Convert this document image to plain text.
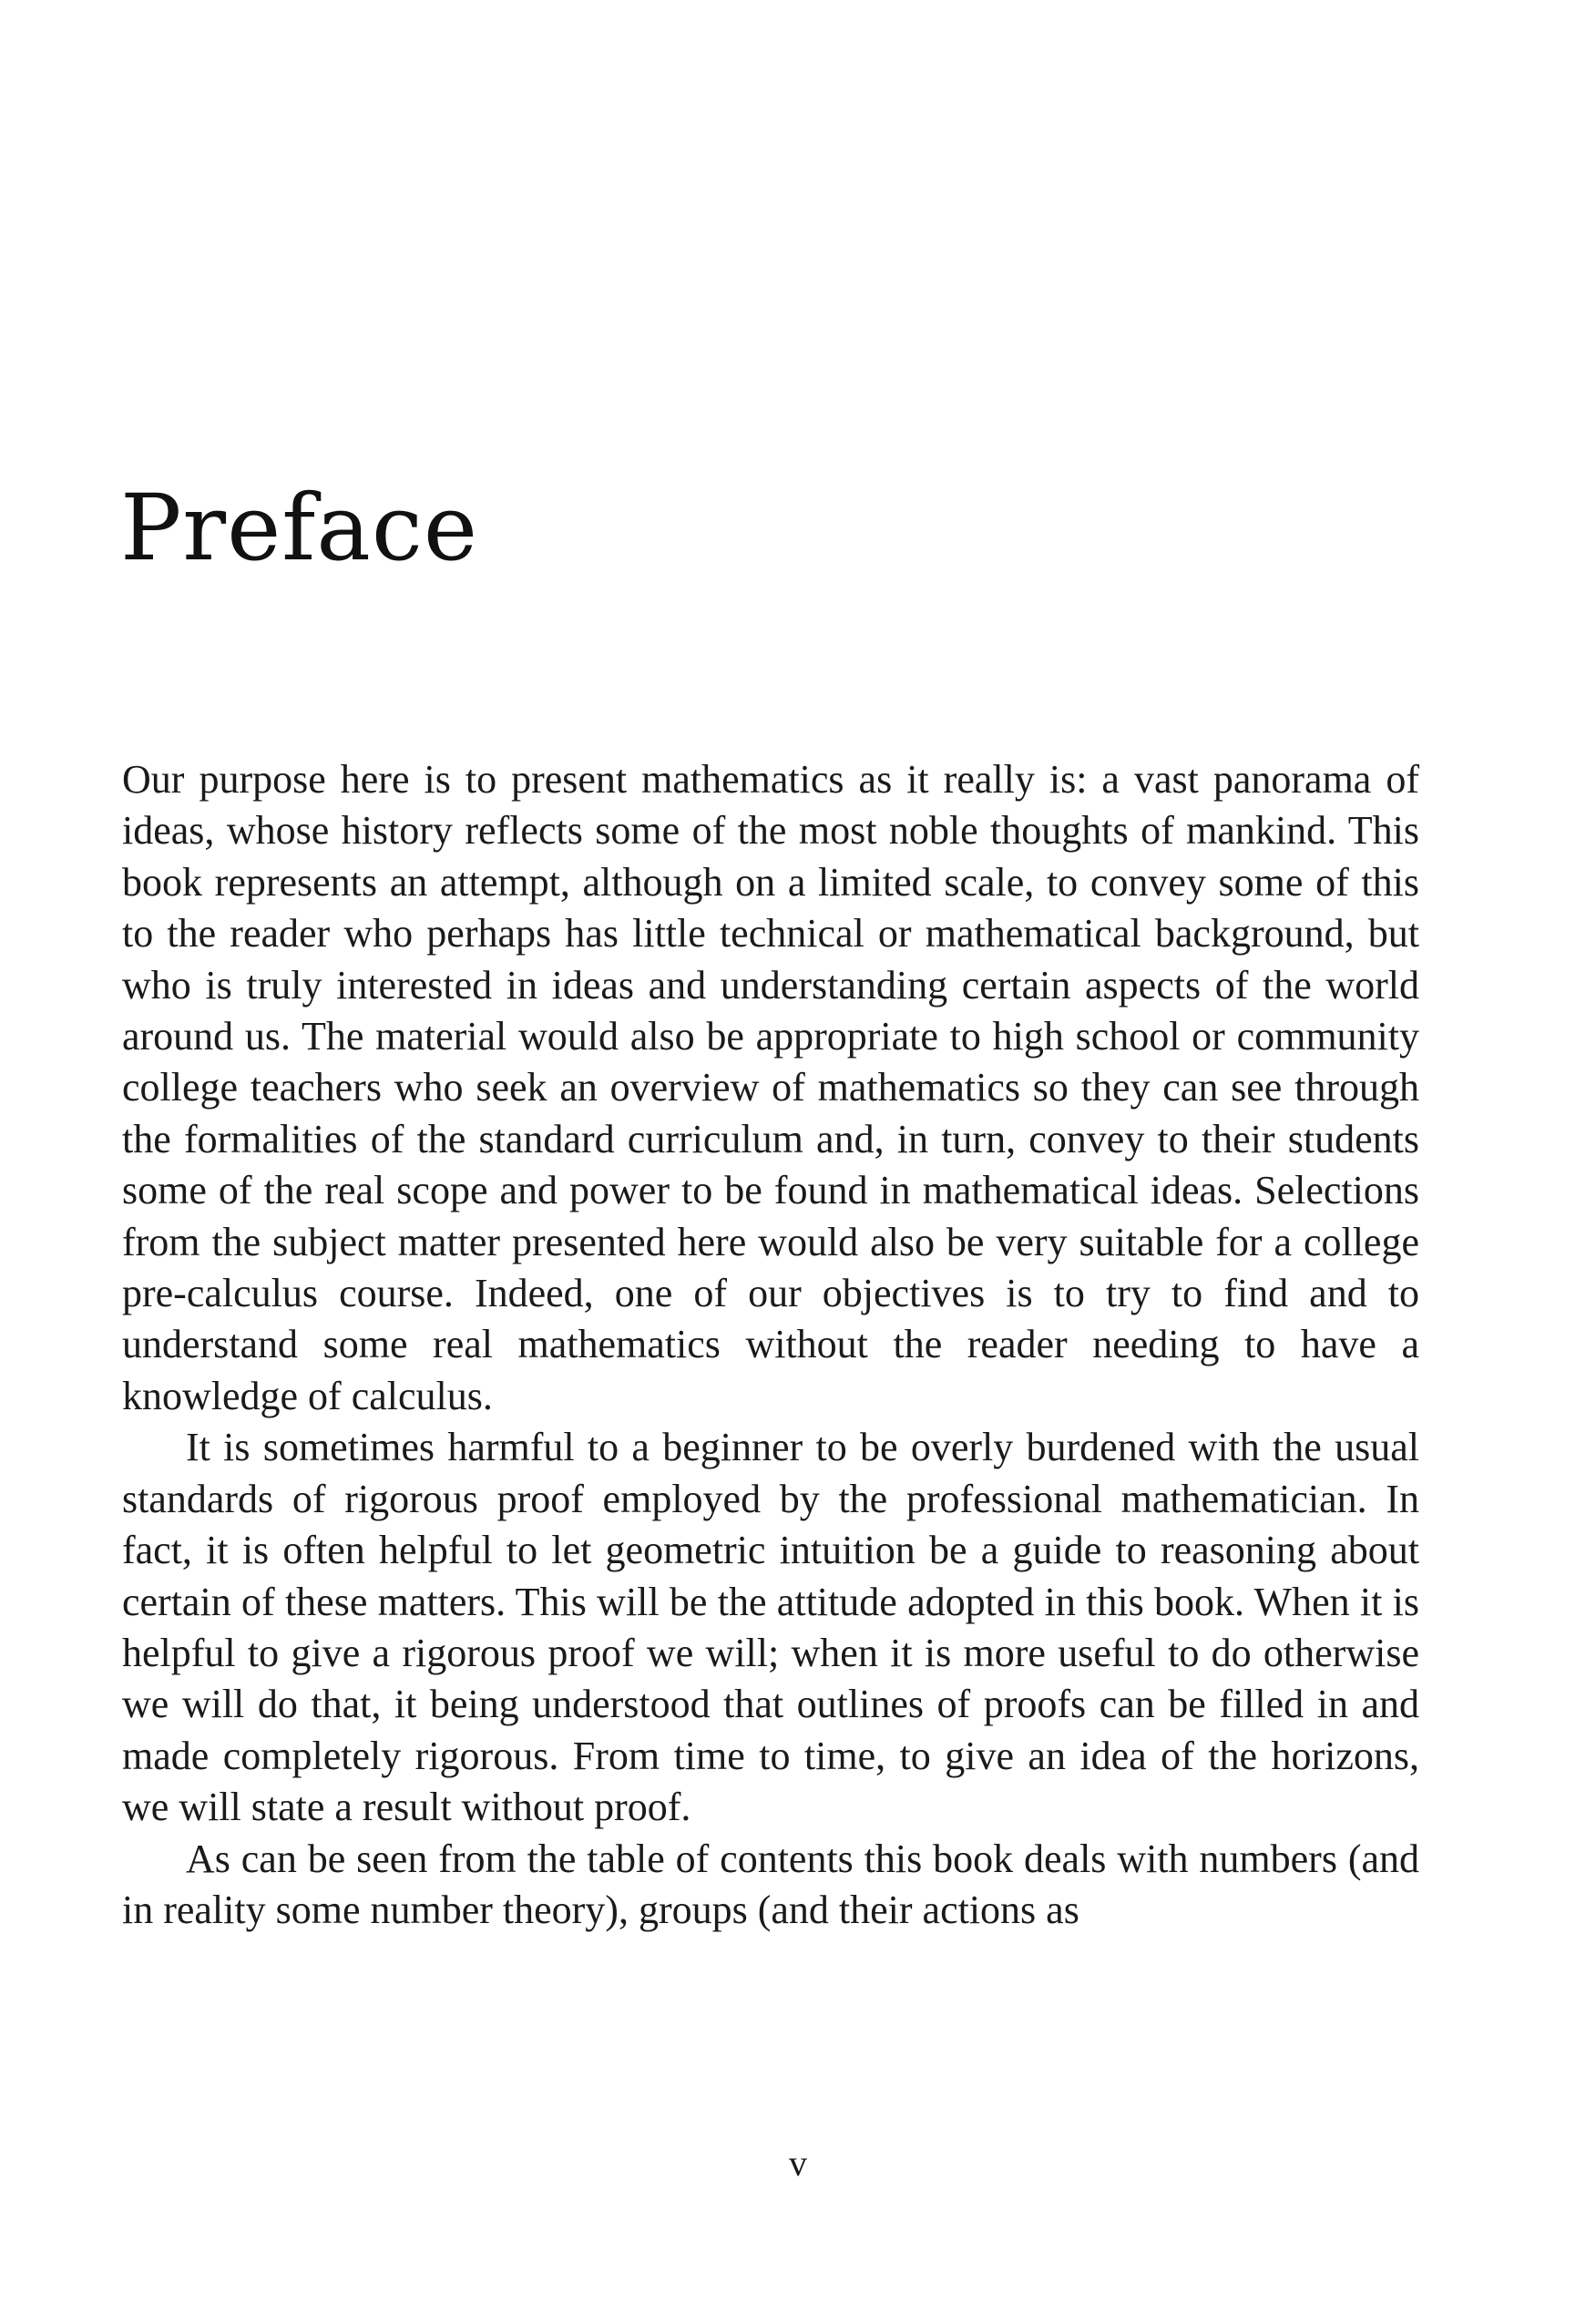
Preface

Our purpose here is to present mathematics as it really is: a vast panorama of ideas, whose history reflects some of the most noble thoughts of mankind. This book represents an attempt, although on a limited scale, to convey some of this to the reader who perhaps has little technical or mathematical background, but who is truly interested in ideas and understanding certain aspects of the world around us. The material would also be appropriate to high school or community college teachers who seek an overview of mathematics so they can see through the formalities of the standard curriculum and, in turn, convey to their students some of the real scope and power to be found in mathematical ideas. Selections from the subject matter presented here would also be very suitable for a college pre-calculus course. Indeed, one of our objectives is to try to find and to understand some real mathematics without the reader needing to have a knowledge of calculus.

It is sometimes harmful to a beginner to be overly burdened with the usual standards of rigorous proof employed by the professional mathematician. In fact, it is often helpful to let geometric intuition be a guide to reasoning about certain of these matters. This will be the attitude adopted in this book. When it is helpful to give a rigorous proof we will; when it is more useful to do otherwise we will do that, it being understood that outlines of proofs can be filled in and made completely rigorous. From time to time, to give an idea of the horizons, we will state a result without proof.

As can be seen from the table of contents this book deals with numbers (and in reality some number theory), groups (and their actions as

v
